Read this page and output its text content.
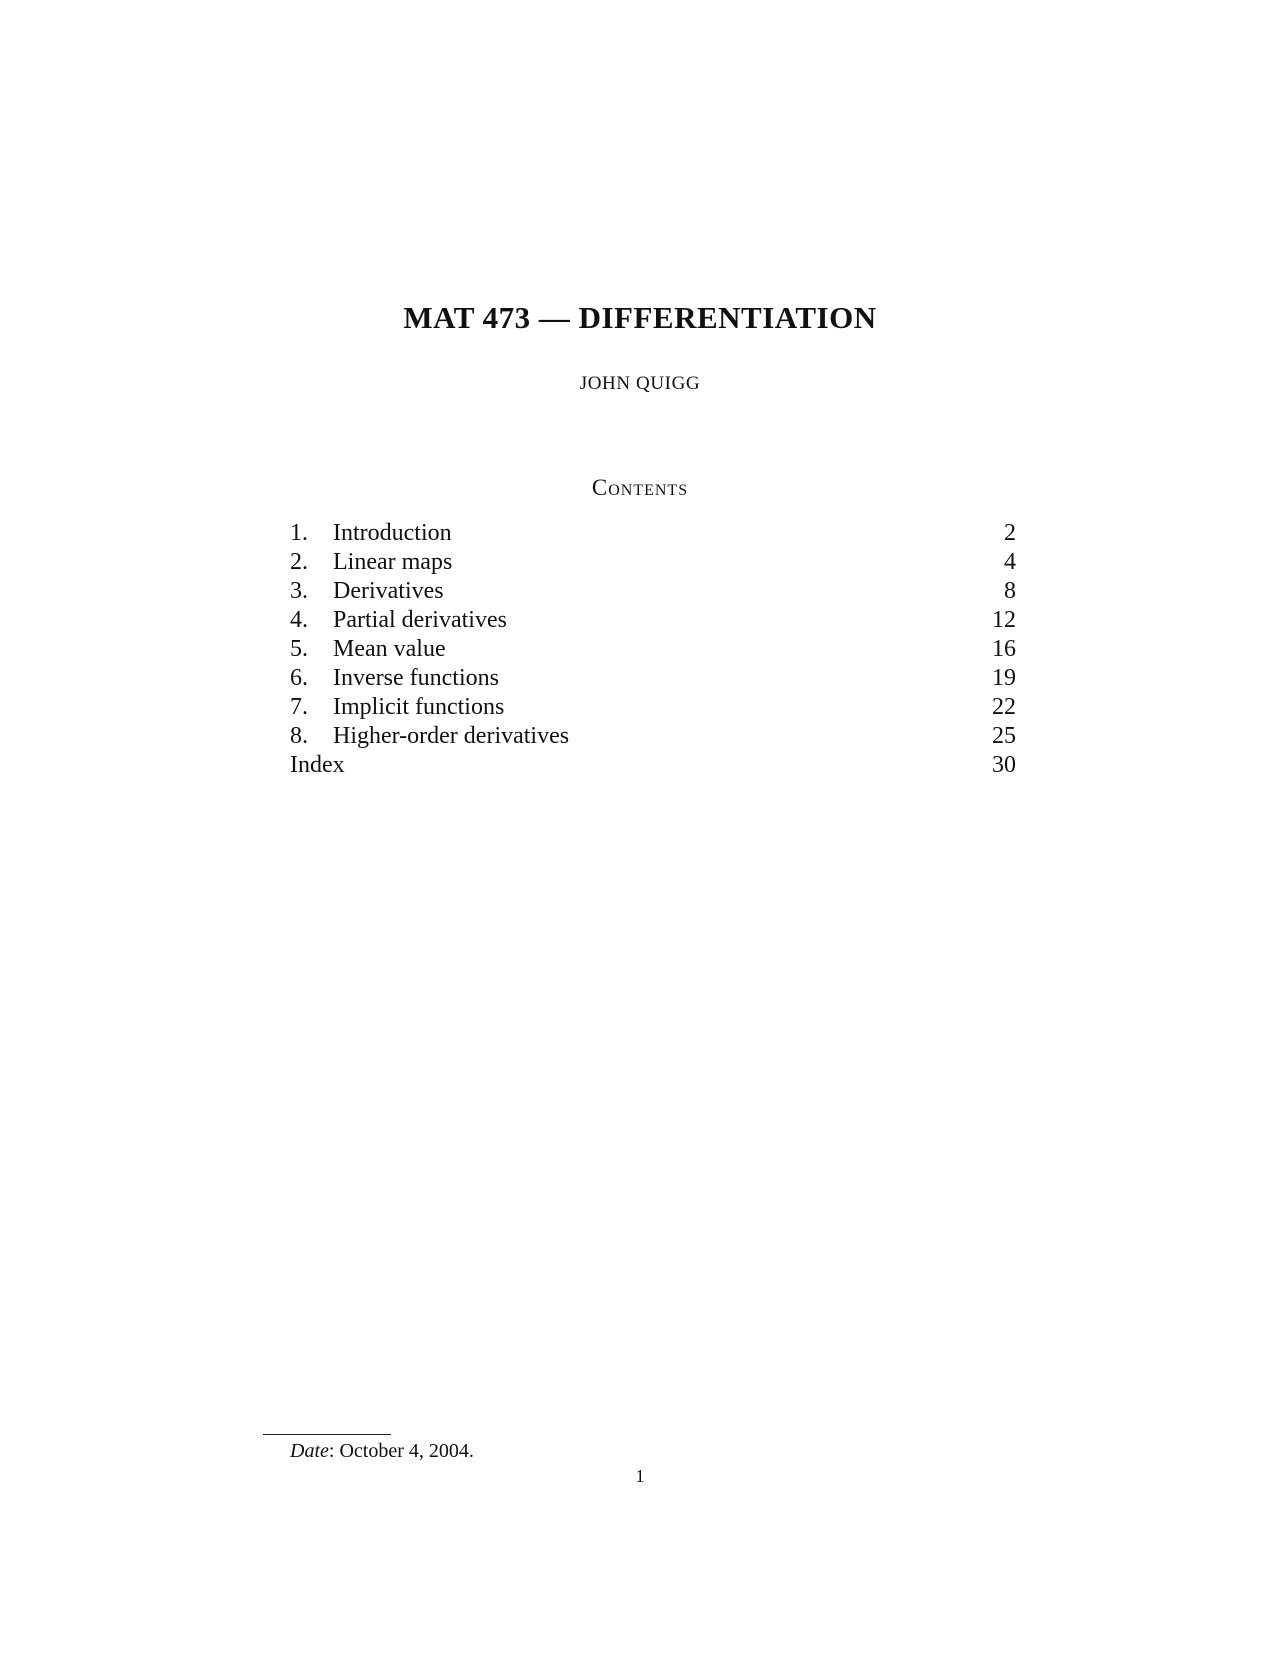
MAT 473 — DIFFERENTIATION
JOHN QUIGG
Contents
1.	Introduction	2
2.	Linear maps	4
3.	Derivatives	8
4.	Partial derivatives	12
5.	Mean value	16
6.	Inverse functions	19
7.	Implicit functions	22
8.	Higher-order derivatives	25
Index	30
Date: October 4, 2004.
1
